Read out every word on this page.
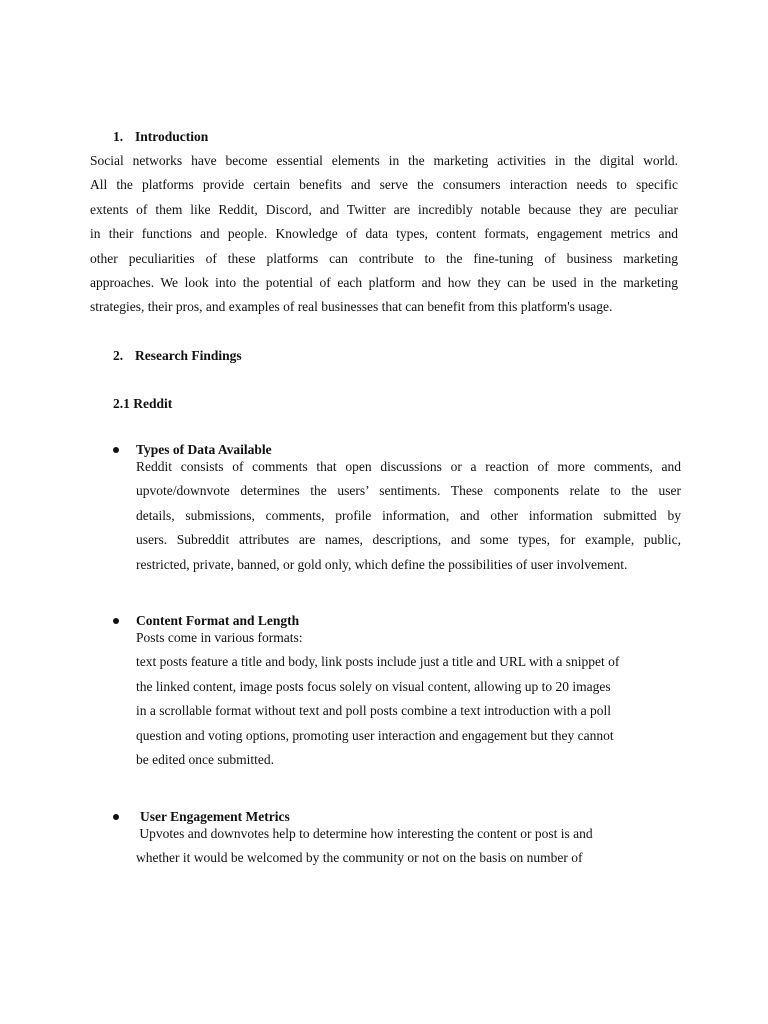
1. Introduction
Social networks have become essential elements in the marketing activities in the digital world.
All the platforms provide certain benefits and serve the consumers interaction needs to specific
extents of them like Reddit, Discord, and Twitter are incredibly notable because they are peculiar
in their functions and people. Knowledge of data types, content formats, engagement metrics and
other peculiarities of these platforms can contribute to the fine-tuning of business marketing
approaches. We look into the potential of each platform and how they can be used in the marketing
strategies, their pros, and examples of real businesses that can benefit from this platform's usage.
2. Research Findings
2.1 Reddit
Types of Data Available
Reddit consists of comments that open discussions or a reaction of more comments, and
upvote/downvote determines the users’ sentiments. These components relate to the user
details, submissions, comments, profile information, and other information submitted by
users. Subreddit attributes are names, descriptions, and some types, for example, public,
restricted, private, banned, or gold only, which define the possibilities of user involvement.
Content Format and Length
Posts come in various formats:
text posts feature a title and body, link posts include just a title and URL with a snippet of
the linked content, image posts focus solely on visual content, allowing up to 20 images
in a scrollable format without text and poll posts combine a text introduction with a poll
question and voting options, promoting user interaction and engagement but they cannot
be edited once submitted.
User Engagement Metrics
Upvotes and downvotes help to determine how interesting the content or post is and
whether it would be welcomed by the community or not on the basis on number of
